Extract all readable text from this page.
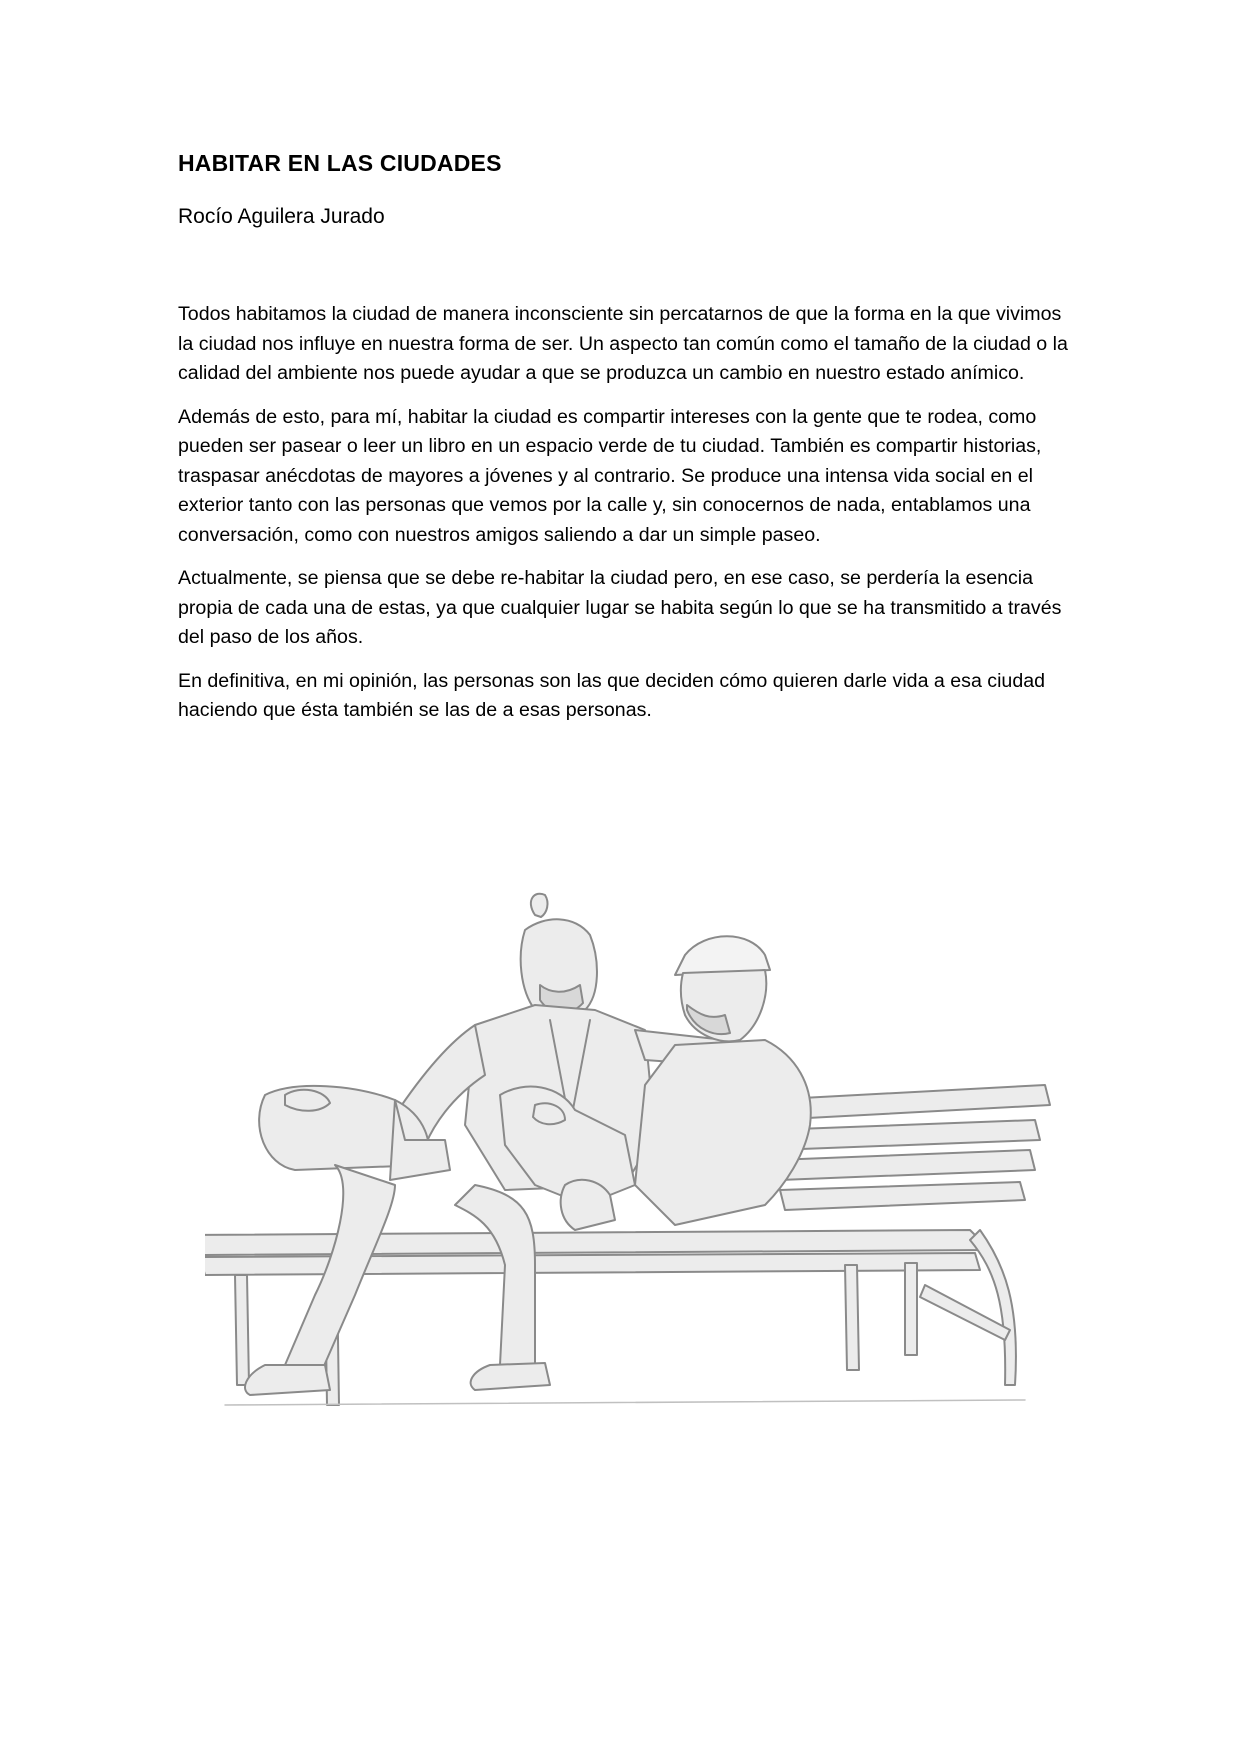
HABITAR EN LAS CIUDADES

Rocío Aguilera Jurado

Todos habitamos la ciudad de manera inconsciente sin percatarnos de que la forma en la que vivimos la ciudad nos influye en nuestra forma de ser. Un aspecto tan común como el tamaño de la ciudad o la calidad del ambiente nos puede ayudar a que se produzca un cambio en nuestro estado anímico.

Además de esto, para mí, habitar la ciudad es compartir intereses con la gente que te rodea, como pueden ser pasear o leer un libro en un espacio verde de tu ciudad. También es compartir historias, traspasar anécdotas de mayores a jóvenes y al contrario. Se produce una intensa vida social en el exterior tanto con las personas que vemos por la calle y, sin conocernos de nada, entablamos una conversación, como con nuestros amigos saliendo a dar un simple paseo.

Actualmente, se piensa que se debe re-habitar la ciudad pero, en ese caso, se perdería la esencia propia de cada una de estas, ya que cualquier lugar se habita según lo que se ha transmitido a través del paso de los años.

En definitiva, en mi opinión, las personas son las que deciden cómo quieren darle vida a esa ciudad haciendo que ésta también se las de a esas personas.
